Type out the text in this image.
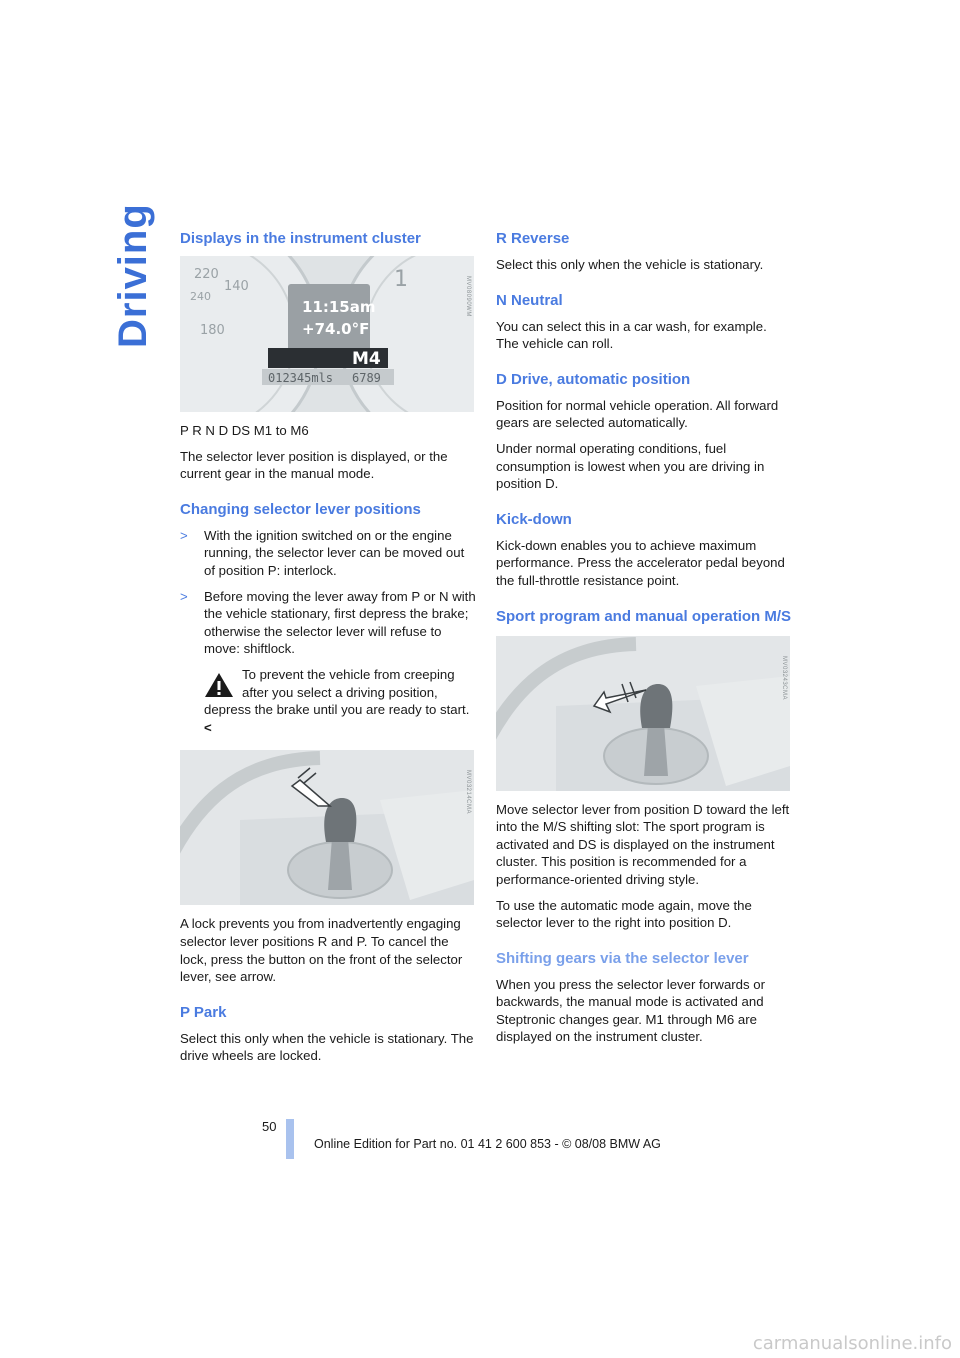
Driving Displays in the instrument cluster
220
240
140
180
1
11:15am
+74.0°F
M4
012345mls 6789
MV08090WM

P R N D DS M1 to M6

The selector lever position is displayed, or the current gear in the manual mode.

Changing selector lever positions
> With the ignition switched on or the engine running, the selector lever can be moved out of position P: interlock.
> Before moving the lever away from P or N with the vehicle stationary, first depress the brake; otherwise the selector lever will refuse to move: shiftlock.
To prevent the vehicle from creeping after you select a driving position, depress the brake until you are ready to start.<
MV03214CMA

A lock prevents you from inadvertently engaging selector lever positions R and P. To cancel the lock, press the button on the front of the selector lever, see arrow.

P Park

Select this only when the vehicle is stationary. The drive wheels are locked.

R Reverse

Select this only when the vehicle is stationary.

N Neutral

You can select this in a car wash, for example. The vehicle can roll.

D Drive, automatic position

Position for normal vehicle operation. All forward gears are selected automatically.

Under normal operating conditions, fuel consumption is lowest when you are driving in position D.

Kick-down

Kick-down enables you to achieve maximum performance. Press the accelerator pedal beyond the full-throttle resistance point.

Sport program and manual operation M/S
MV03243CMA

Move selector lever from position D toward the left into the M/S shifting slot: The sport program is activated and DS is displayed on the instrument cluster. This position is recommended for a performance-oriented driving style.

To use the automatic mode again, move the selector lever to the right into position D.

Shifting gears via the selector lever

When you press the selector lever forwards or backwards, the manual mode is activated and Steptronic changes gear. M1 through M6 are displayed on the instrument cluster.

50
Online Edition for Part no. 01 41 2 600 853 - © 08/08 BMW AG
carmanualsonline.info
